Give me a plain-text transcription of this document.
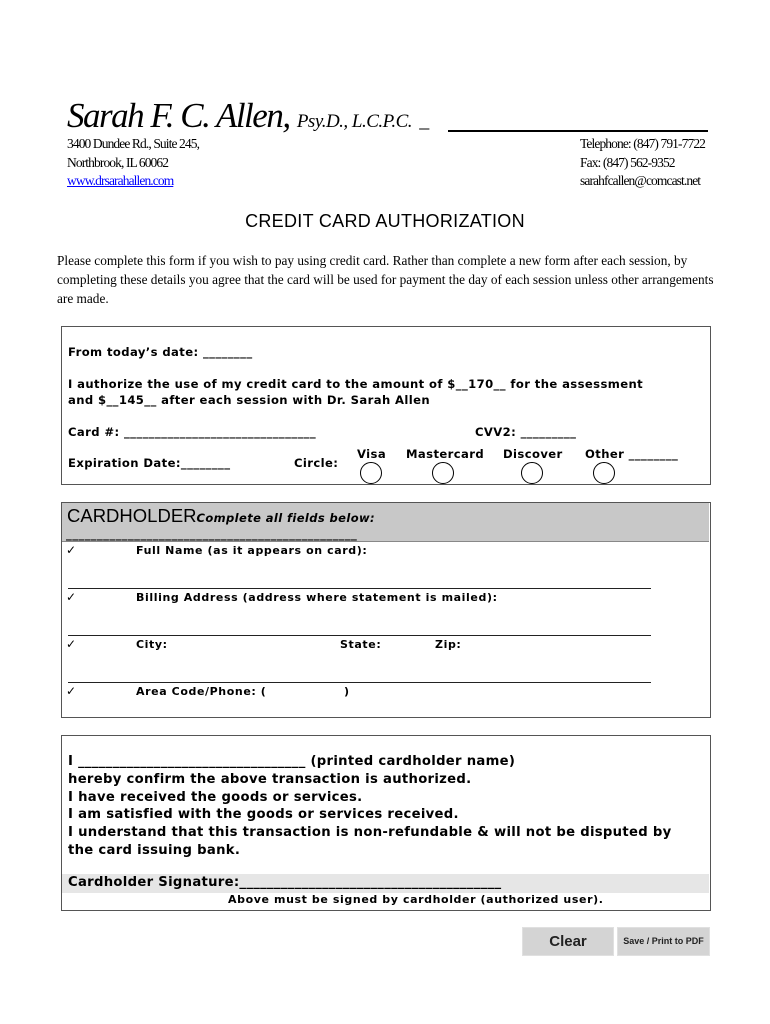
Sarah F. C. Allen, Psy.D., L.C.P.C. _
3400 Dundee Rd., Suite 245,
Northbrook, IL 60062
www.drsarahallen.com
Telephone: (847) 791-7722
Fax: (847) 562-9352
sarahfcallen@comcast.net
CREDIT CARD AUTHORIZATION
Please complete this form if you wish to pay using credit card. Rather than complete a new form after each session, by completing these details you agree that the card will be used for payment the day of each session unless other arrangements are made.
From today’s date: ________
I authorize the use of my credit card to the amount of $__170__ for the assessment
and $__145__ after each session with Dr. Sarah Allen
Card #: _______________________________	CVV2: _________
Expiration Date:________	Circle:
Visa Mastercard Discover Other ________
CARDHOLDERComplete all fields below:
_______________________________________________
✓	Full Name (as it appears on card):
✓	Billing Address (address where statement is mailed):
✓	City:	State:	Zip:
✓	Area Code/Phone: (	)
I _________________________________ (printed cardholder name)
hereby confirm the above transaction is authorized.
I have received the goods or services.
I am satisfied with the goods or services received.
I understand that this transaction is non-refundable & will not be disputed by
the card issuing bank.
Cardholder Signature:______________________________________
Above must be signed by cardholder (authorized user).
Clear	Save / Print to PDF
